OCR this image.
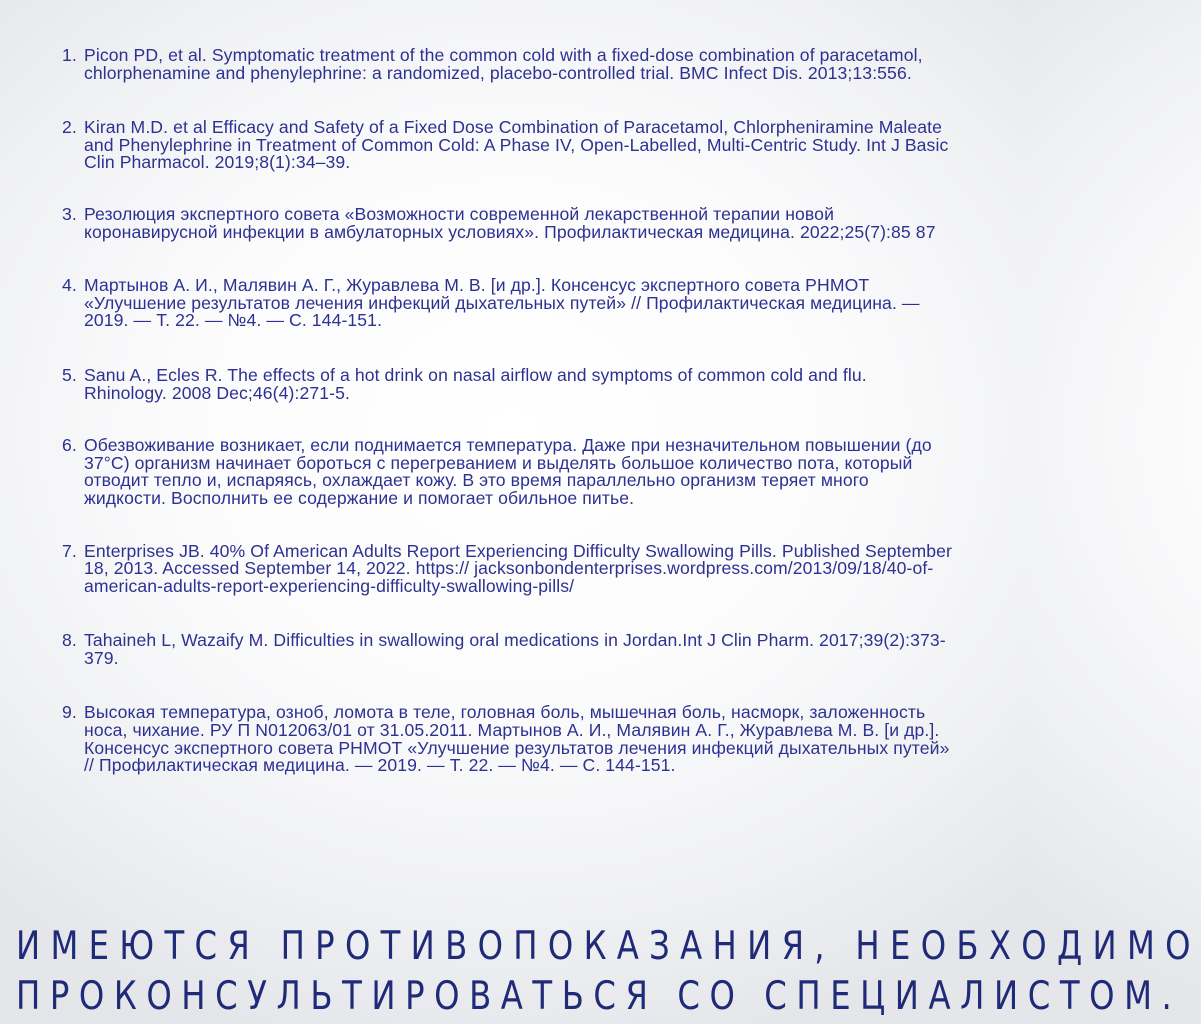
1. Picon PD, et al. Symptomatic treatment of the common cold with a fixed-dose combination of paracetamol, chlorphenamine and phenylephrine: a randomized, placebo-controlled trial. BMC Infect Dis. 2013;13:556.
2. Kiran M.D. et al Efficacy and Safety of a Fixed Dose Combination of Paracetamol, Chlorpheniramine Maleate and Phenylephrine in Treatment of Common Cold: A Phase IV, Open-Labelled, Multi-Centric Study. Int J Basic Clin Pharmacol. 2019;8(1):34–39.
3. Резолюция экспертного совета «Возможности современной лекарственной терапии новой коронавирусной инфекции в амбулаторных условиях». Профилактическая медицина. 2022;25(7):85 87
4. Мартынов А. И., Малявин А. Г., Журавлева М. В. [и др.]. Консенсус экспертного совета РНМОТ «Улучшение результатов лечения инфекций дыхательных путей» // Профилактическая медицина. — 2019. — Т. 22. — №4. — С. 144-151.
5. Sanu A., Ecles R. The effects of a hot drink on nasal airflow and symptoms of common cold and flu. Rhinology. 2008 Dec;46(4):271-5.
6. Обезвоживание возникает, если поднимается температура. Даже при незначительном повышении (до 37°C) организм начинает бороться с перегреванием и выделять большое количество пота, который отводит тепло и, испаряясь, охлаждает кожу. В это время параллельно организм теряет много жидкости. Восполнить ее содержание и помогает обильное питье.
7. Enterprises JB. 40% Of American Adults Report Experiencing Difficulty Swallowing Pills. Published September 18, 2013. Accessed September 14, 2022. https:// jacksonbondenterprises.wordpress.com/2013/09/18/40-of-american-adults-report-experiencing-difficulty-swallowing-pills/
8. Tahaineh L, Wazaify M. Difficulties in swallowing oral medications in Jordan.Int J Clin Pharm. 2017;39(2):373-379.
9. Высокая температура, озноб, ломота в теле, головная боль, мышечная боль, насморк, заложенность носа, чихание. РУ П N012063/01 от 31.05.2011. Мартынов А. И., Малявин А. Г., Журавлева М. В. [и др.]. Консенсус экспертного совета РНМОТ «Улучшение результатов лечения инфекций дыхательных путей» // Профилактическая медицина. — 2019. — Т. 22. — №4. — С. 144-151.
ИМЕЮТСЯ ПРОТИВОПОКАЗАНИЯ, НЕОБХОДИМО
ПРОКОНСУЛЬТИРОВАТЬСЯ СО СПЕЦИАЛИСТОМ.
